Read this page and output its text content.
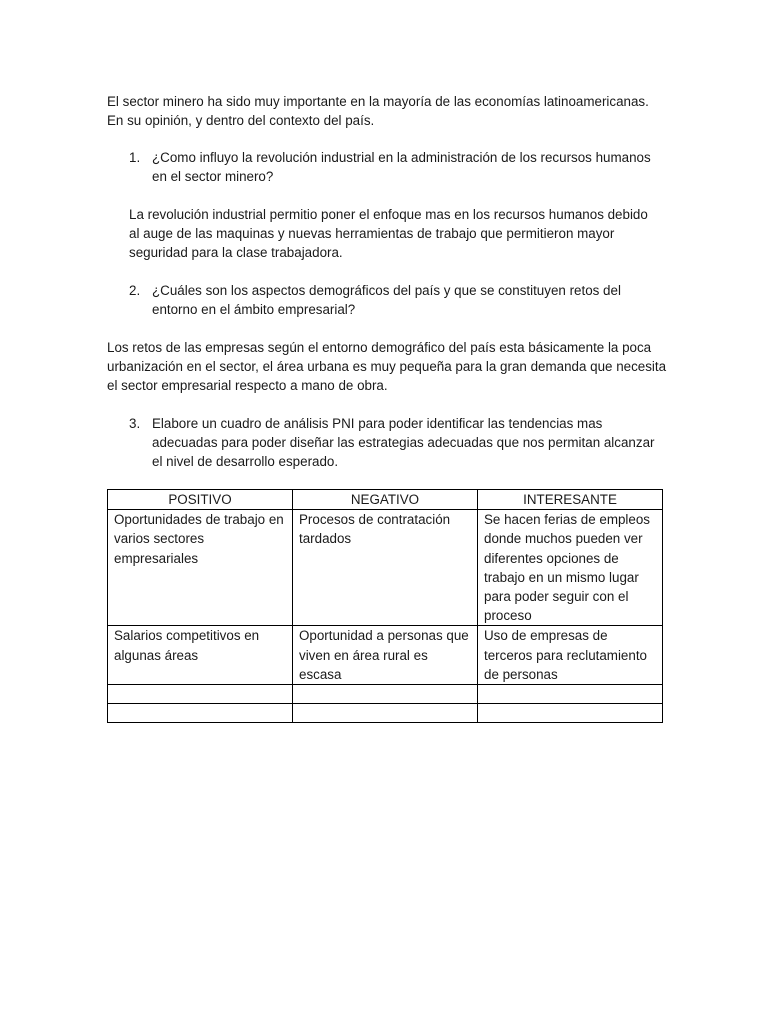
El sector minero ha sido muy importante en la mayoría de las economías latinoamericanas. En su opinión, y dentro del contexto del país.

1. ¿Como influyo la revolución industrial en la administración de los recursos humanos en el sector minero?

La revolución industrial permitio poner el enfoque mas en los recursos humanos debido al auge de las maquinas y nuevas herramientas de trabajo que permitieron mayor seguridad para la clase trabajadora.

2. ¿Cuáles son los aspectos demográficos del país y que se constituyen retos del entorno en el ámbito empresarial?

Los retos de las empresas según el entorno demográfico del país esta básicamente la poca urbanización en el sector, el área urbana es muy pequeña para la gran demanda que necesita el sector empresarial respecto a mano de obra.

3. Elabore un cuadro de análisis PNI para poder identificar las tendencias mas adecuadas para poder diseñar las estrategias adecuadas que nos permitan alcanzar el nivel de desarrollo esperado.
POSITIVO	NEGATIVO	INTERESANTE
Oportunidades de trabajo en varios sectores empresariales	Procesos de contratación tardados	Se hacen ferias de empleos donde muchos pueden ver diferentes opciones de trabajo en un mismo lugar para poder seguir con el proceso
Salarios competitivos en algunas áreas	Oportunidad a personas que viven en área rural es escasa	Uso de empresas de terceros para reclutamiento de personas
